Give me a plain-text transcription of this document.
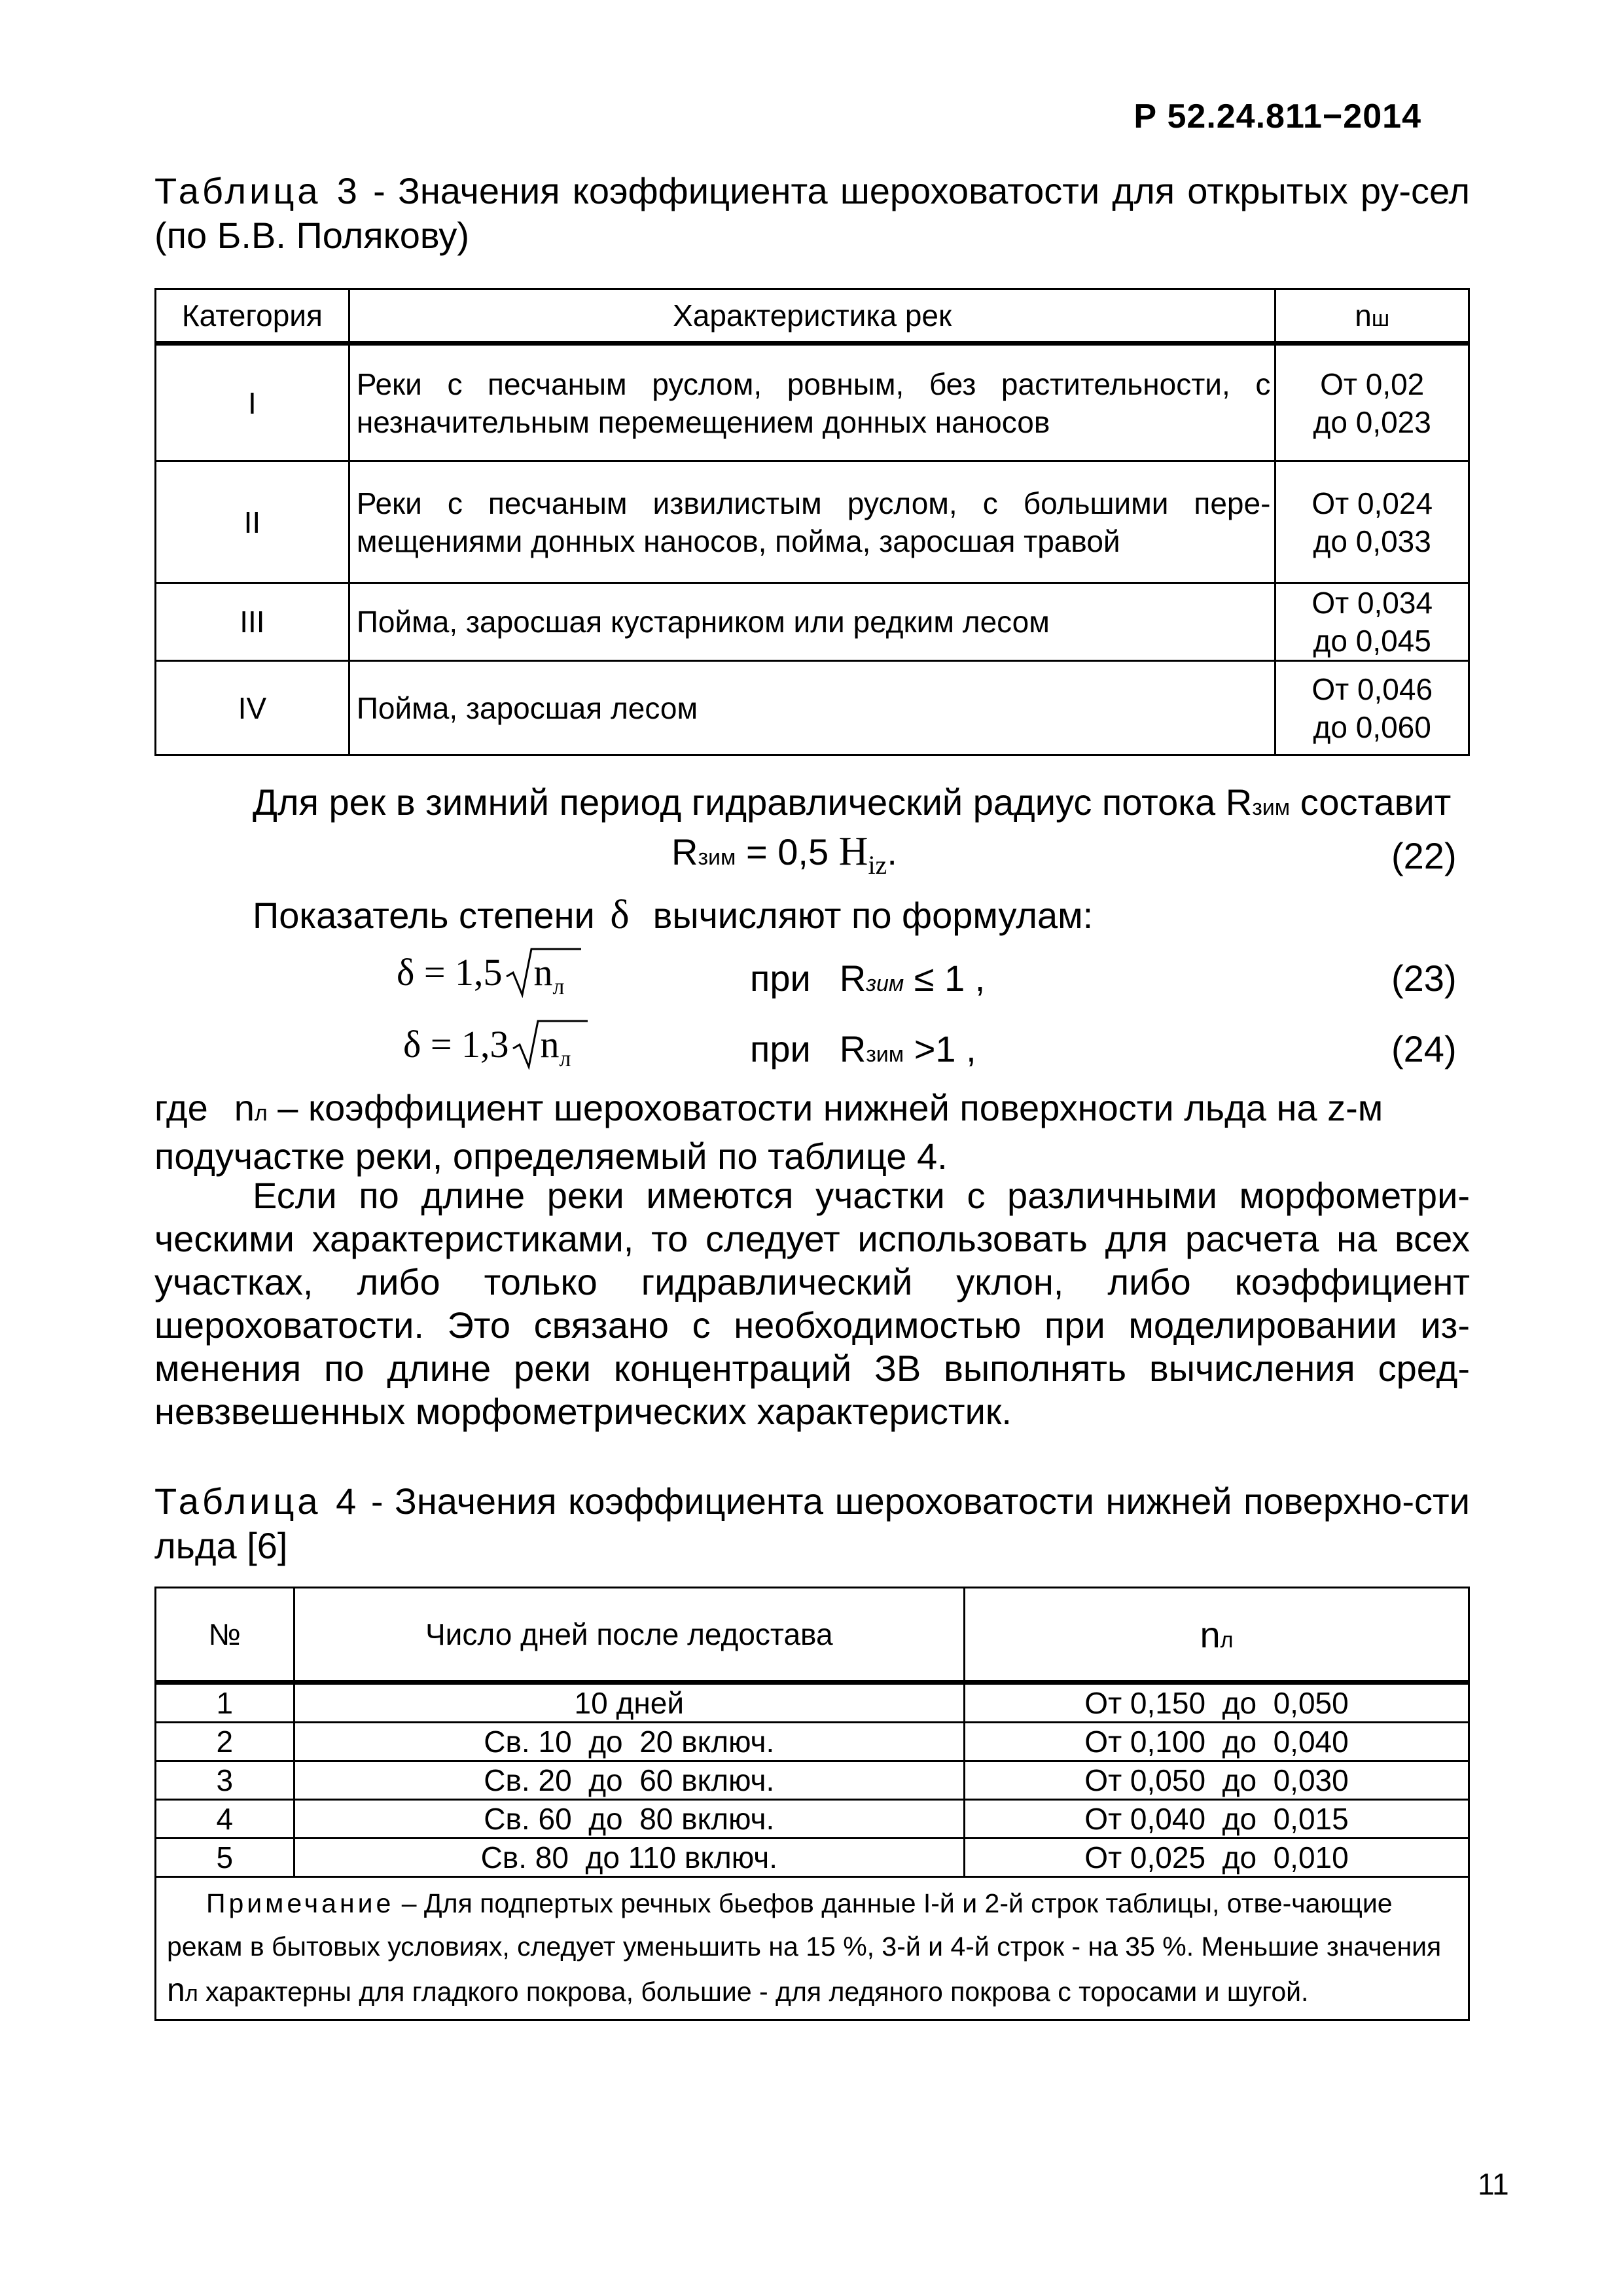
Р 52.24.811−2014
Таблица 3 - Значения коэффициента шероховатости для открытых ру-сел (по Б.В. Полякову)
Категория	Характеристика рек	nш
I	Реки с песчаным руслом, ровным, без растительности, с незначительным перемещением донных наносов	От 0,02
до 0,023

II	Реки с песчаным извилистым руслом, с большими пере-мещениями донных наносов, пойма, заросшая травой	От 0,024
до 0,033

III	Пойма, заросшая кустарником или редким лесом	От 0,034
до 0,045

IV	Пойма, заросшая лесом	От 0,046
до 0,060
Для рек в зимний период гидравлический радиус потока Rзим составит
Rзим = 0,5 $H_{iz}$.	(22)
Показатель степени δ вычисляют по формулам:
δ = 1,5 $n_л$	при Rзим ≤ 1 ,	(23)
δ = 1,3 $n_л$	при Rзим >1 ,	(24)
где nл – коэффициент шероховатости нижней поверхности льда на z-м
подучастке реки, определяемый по таблице 4.
Если по длине реки имеются участки с различными морфометри-ческими характеристиками, то следует использовать для расчета на всех участках, либо только гидравлический уклон, либо коэффициент шероховатости. Это связано с необходимостью при моделировании из-менения по длине реки концентраций ЗВ выполнять вычисления сред-невзвешенных морфометрических характеристик.
Таблица 4 - Значения коэффициента шероховатости нижней поверхно-сти льда [6]
№	Число дней после ледостава	nл
1	10 дней	От 0,150  до  0,050
2	Св. 10  до  20 включ.	От 0,100  до  0,040
3	Св. 20  до  60 включ.	От 0,050  до  0,030
4	Св. 60  до  80 включ.	От 0,040  до  0,015
5	Св. 80  до 110 включ.	От 0,025  до  0,010
Примечание – Для подпертых речных бьефов данные I-й и 2-й строк таблицы, отве-чающие рекам в бытовых условиях, следует уменьшить на 15 %, 3-й и 4-й строк - на 35 %. Меньшие значения nл характерны для гладкого покрова, большие - для ледяного покрова с торосами и шугой.		
11
